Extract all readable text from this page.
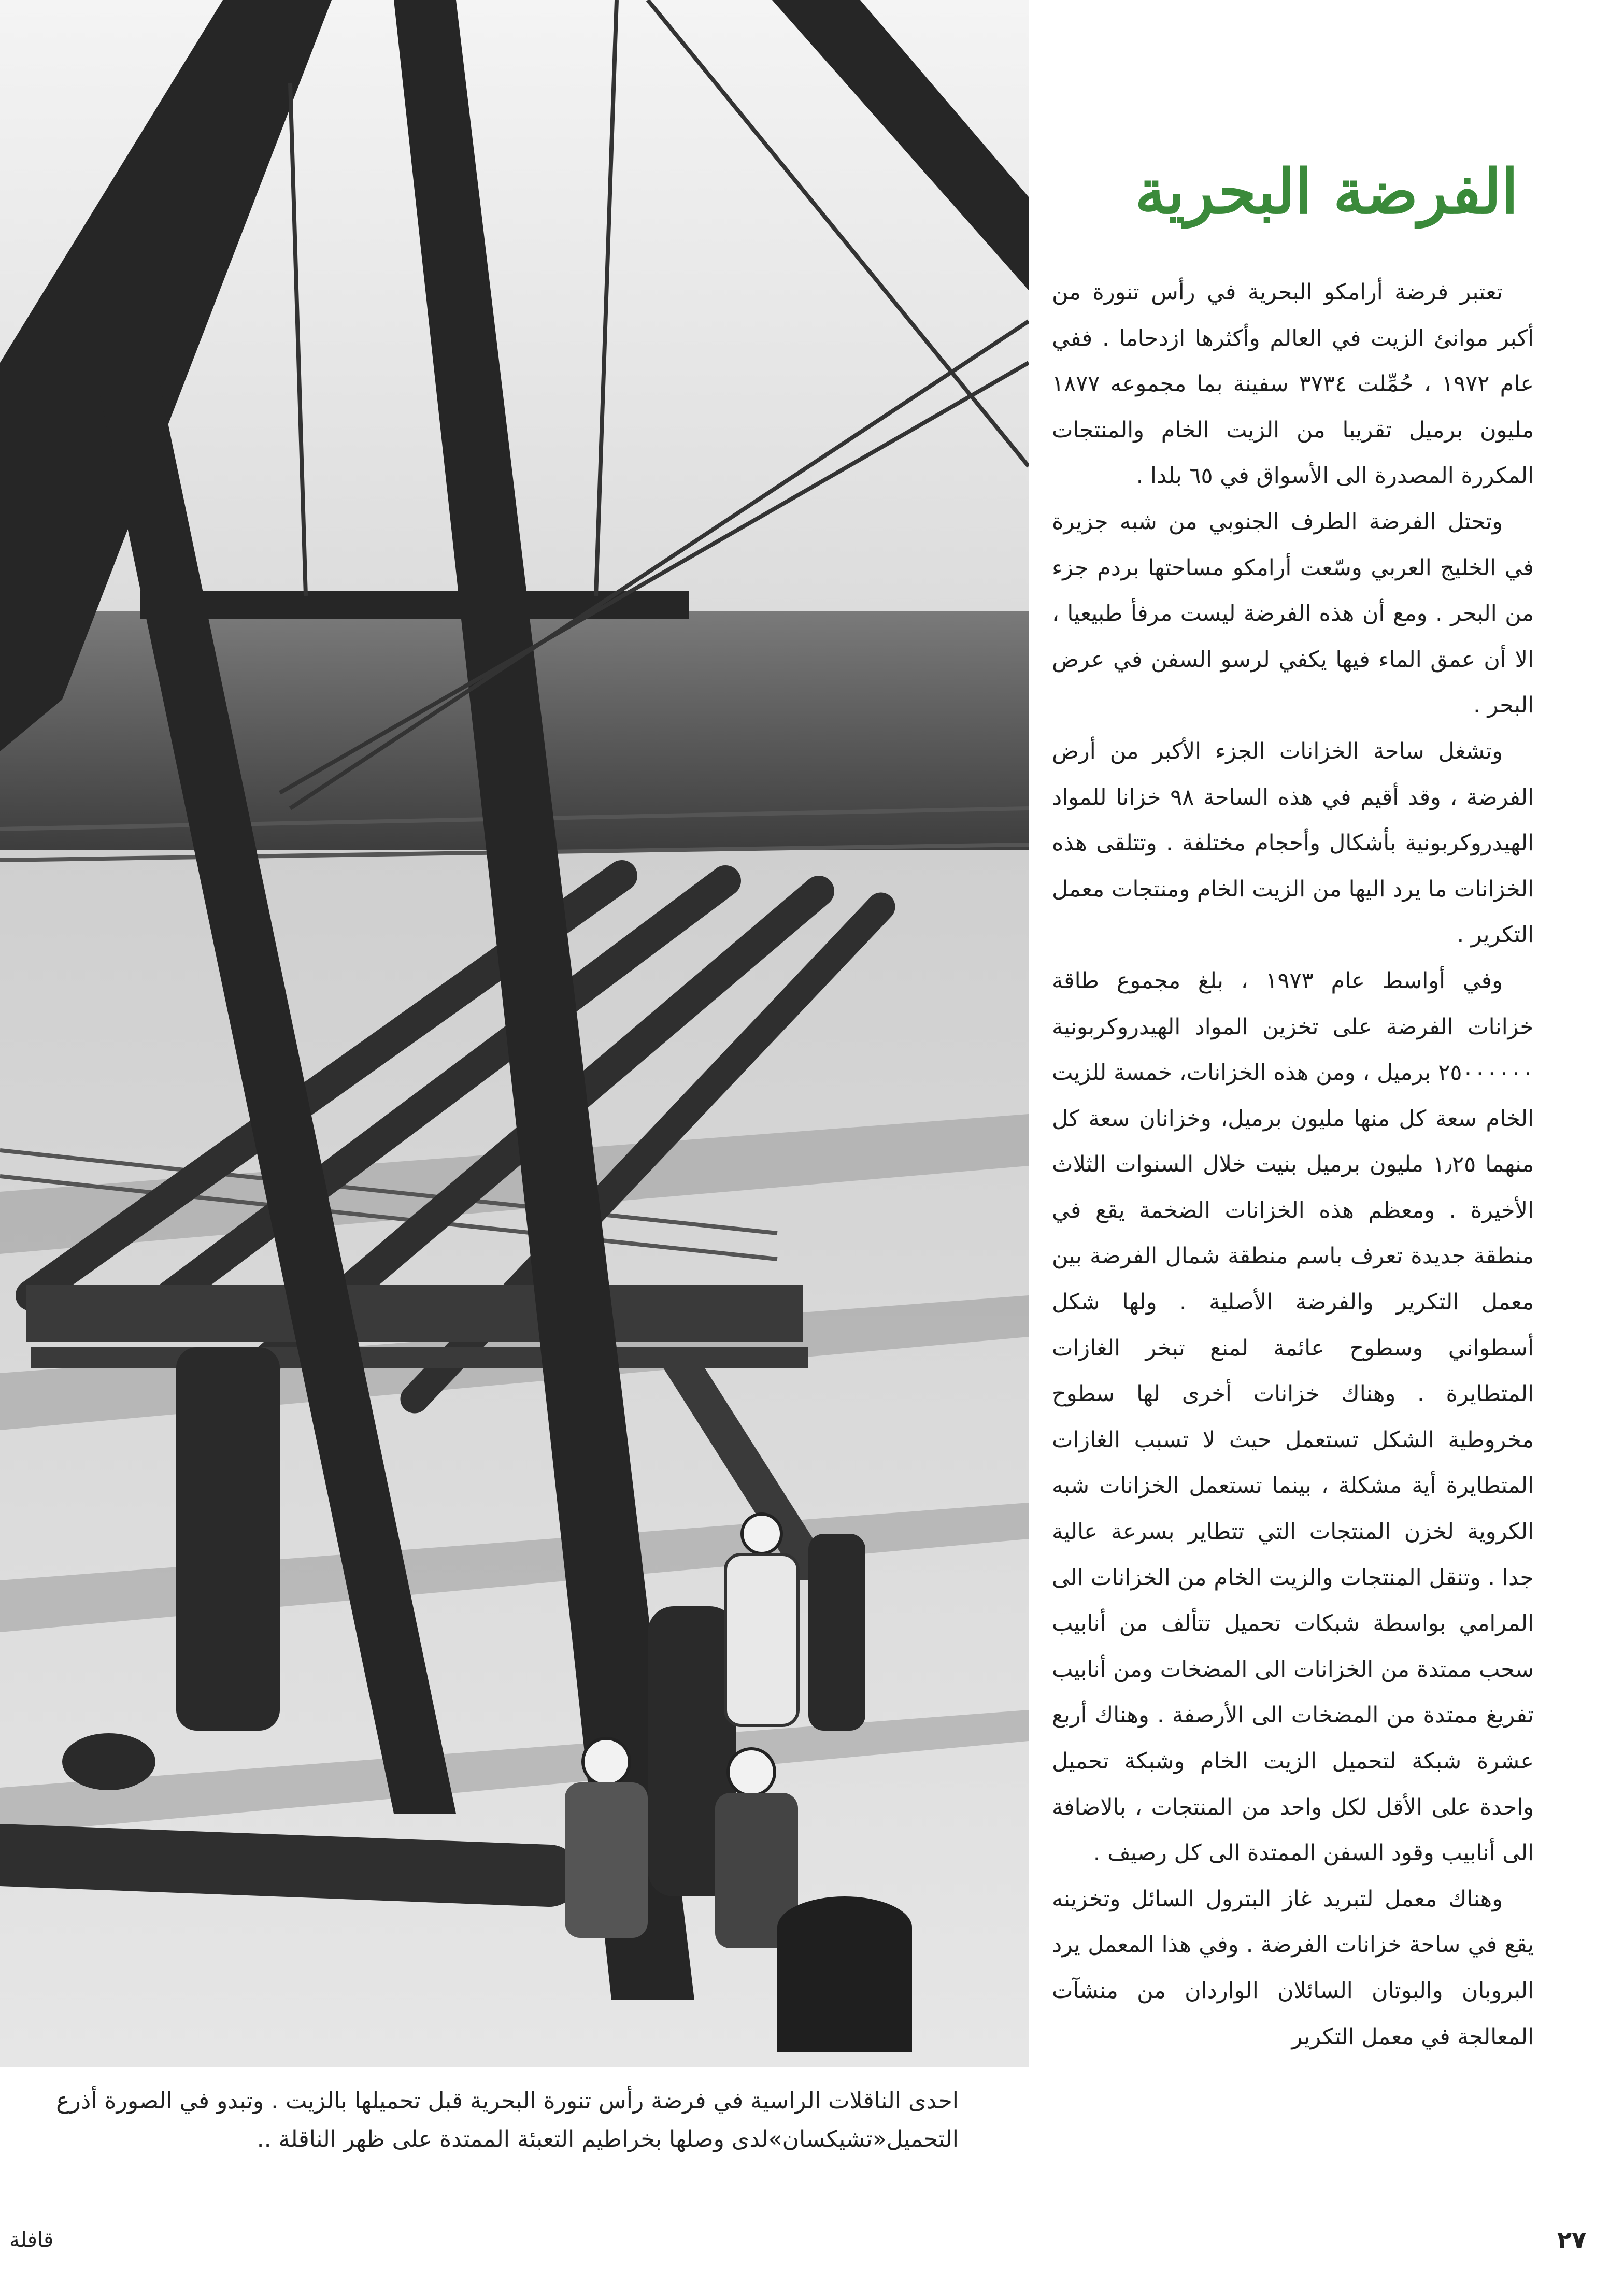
احدى الناقلات الراسية في فرضة رأس تنورة البحرية قبل تحميلها بالزيت . وتبدو في الصورة أذرع

التحميل«تشيكسان»لدى وصلها بخراطيم التعبئة الممتدة على ظهر الناقلة ..

الفرضة البحرية

تعتبر فرضة أرامكو البحرية في رأس تنورة من أكبر موانئ الزيت في العالم وأكثرها ازدحاما . ففي عام ١٩٧٢ ، حُمِّلت ٣٧٣٤ سفينة بما مجموعه ١٨٧٧ مليون برميل تقريبا من الزيت الخام والمنتجات المكررة المصدرة الى الأسواق في ٦٥ بلدا .

وتحتل الفرضة الطرف الجنوبي من شبه جزيرة في الخليج العربي وسّعت أرامكو مساحتها بردم جزء من البحر . ومع أن هذه الفرضة ليست مرفأ طبيعيا ، الا أن عمق الماء فيها يكفي لرسو السفن في عرض البحر .

وتشغل ساحة الخزانات الجزء الأكبر من أرض الفرضة ، وقد أقيم في هذه الساحة ٩٨ خزانا للمواد الهيدروكربونية بأشكال وأحجام مختلفة . وتتلقى هذه الخزانات ما يرد اليها من الزيت الخام ومنتجات معمل التكرير .

وفي أواسط عام ١٩٧٣ ، بلغ مجموع طاقة خزانات الفرضة على تخزين المواد الهيدروكربونية ٢٥٠٠٠٠٠٠ برميل ، ومن هذه الخزانات، خمسة للزيت الخام سعة كل منها مليون برميل، وخزانان سعة كل منهما ١٫٢٥ مليون برميل بنيت خلال السنوات الثلاث الأخيرة . ومعظم هذه الخزانات الضخمة يقع في منطقة جديدة تعرف باسم منطقة شمال الفرضة بين معمل التكرير والفرضة الأصلية . ولها شكل أسطواني وسطوح عائمة لمنع تبخر الغازات المتطايرة . وهناك خزانات أخرى لها سطوح مخروطية الشكل تستعمل حيث لا تسبب الغازات المتطايرة أية مشكلة ، بينما تستعمل الخزانات شبه الكروية لخزن المنتجات التي تتطاير بسرعة عالية جدا . وتنقل المنتجات والزيت الخام من الخزانات الى المرامي بواسطة شبكات تحميل تتألف من أنابيب سحب ممتدة من الخزانات الى المضخات ومن أنابيب تفريغ ممتدة من المضخات الى الأرصفة . وهناك أربع عشرة شبكة لتحميل الزيت الخام وشبكة تحميل واحدة على الأقل لكل واحد من المنتجات ، بالاضافة الى أنابيب وقود السفن الممتدة الى كل رصيف .

وهناك معمل لتبريد غاز البترول السائل وتخزينه يقع في ساحة خزانات الفرضة . وفي هذا المعمل يرد البروبان والبوتان السائلان الواردان من منشآت المعالجة في معمل التكرير

قافلة	٢٧
